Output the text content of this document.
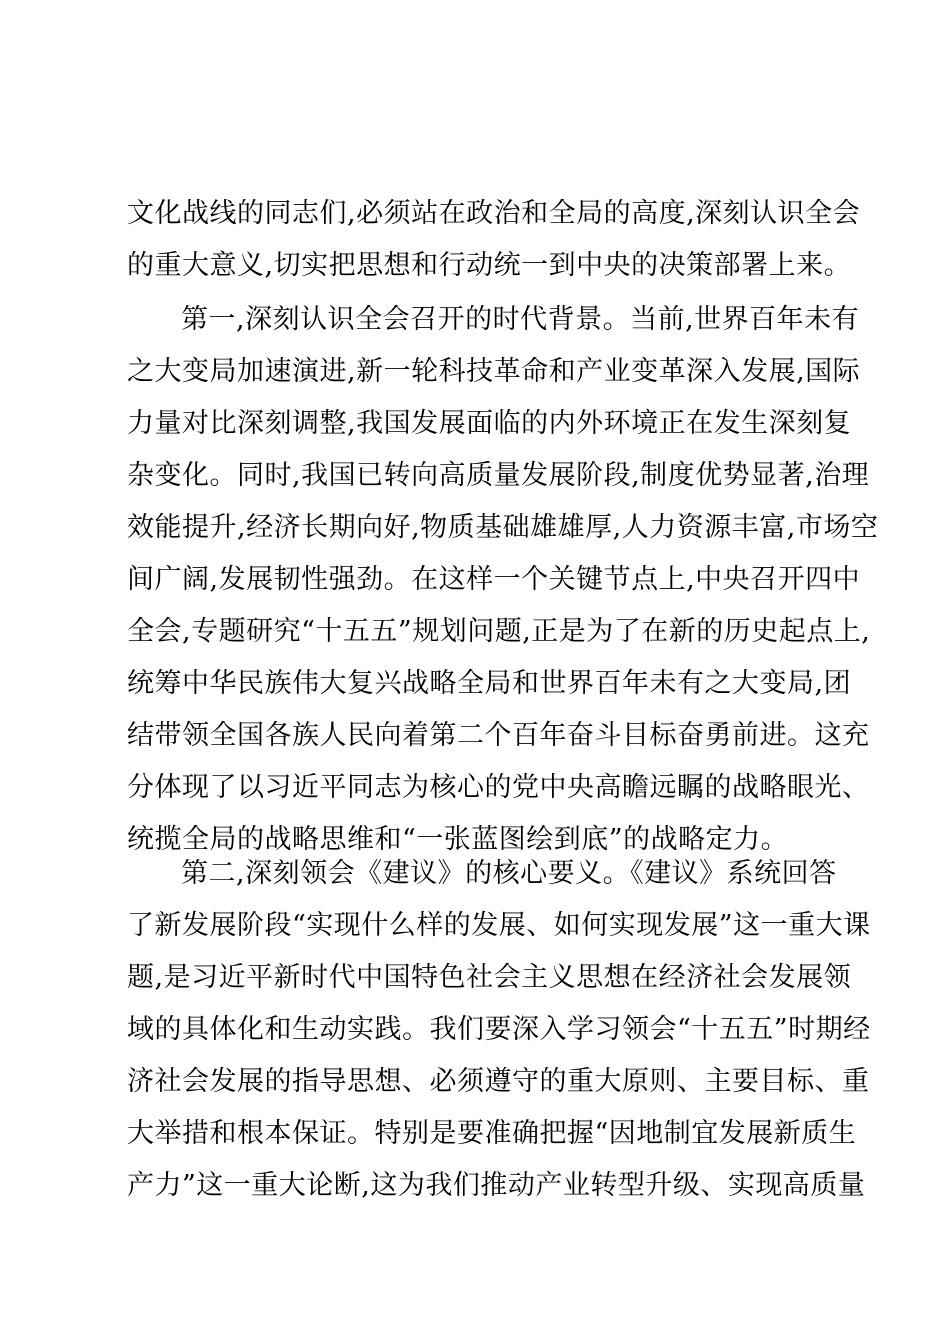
文化战线的同志们,必须站在政治和全局的高度,深刻认识全会
的重大意义,切实把思想和行动统一到中央的决策部署上来。
第一,深刻认识全会召开的时代背景。当前,世界百年未有
之大变局加速演进,新一轮科技革命和产业变革深入发展,国际
力量对比深刻调整,我国发展面临的内外环境正在发生深刻复
杂变化。同时,我国已转向高质量发展阶段,制度优势显著,治理
效能提升,经济长期向好,物质基础雄雄厚,人力资源丰富,市场空
间广阔,发展韧性强劲。在这样一个关键节点上,中央召开四中
全会,专题研究“十五五”规划问题,正是为了在新的历史起点上,
统筹中华民族伟大复兴战略全局和世界百年未有之大变局,团
结带领全国各族人民向着第二个百年奋斗目标奋勇前进。这充
分体现了以习近平同志为核心的党中央高瞻远瞩的战略眼光、
统揽全局的战略思维和“一张蓝图绘到底”的战略定力。
第二,深刻领会《建议》的核心要义。《建议》系统回答
了新发展阶段“实现什么样的发展、如何实现发展”这一重大课
题,是习近平新时代中国特色社会主义思想在经济社会发展领
域的具体化和生动实践。我们要深入学习领会“十五五”时期经
济社会发展的指导思想、必须遵守的重大原则、主要目标、重
大举措和根本保证。特别是要准确把握“因地制宜发展新质生
产力”这一重大论断,这为我们推动产业转型升级、实现高质量
